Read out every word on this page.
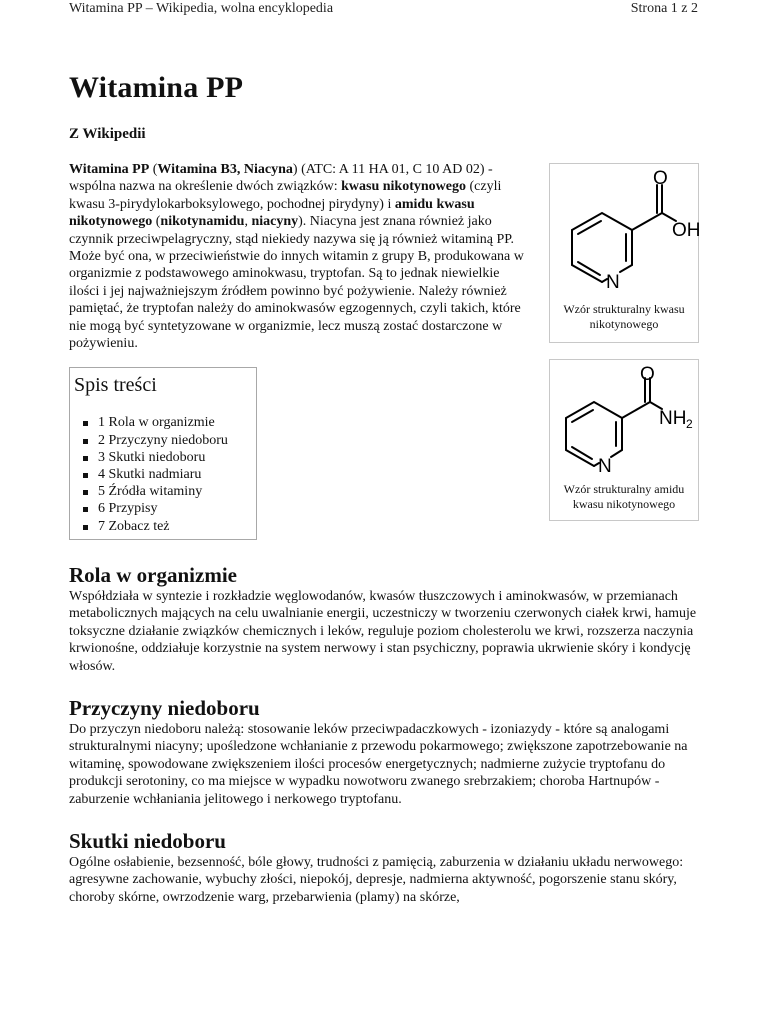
Witamina PP – Wikipedia, wolna encyklopedia	Strona 1 z 2
Witamina PP
Z Wikipedii
Witamina PP (Witamina B3, Niacyna) (ATC: A 11 HA 01, C 10 AD 02) - wspólna nazwa na określenie dwóch związków: kwasu nikotynowego (czyli kwasu 3-pirydylokarboksylowego, pochodnej pirydyny) i amidu kwasu nikotynowego (nikotynamidu, niacyny). Niacyna jest znana również jako czynnik przeciwpelagryczny, stąd niekiedy nazywa się ją również witaminą PP. Może być ona, w przeciwieństwie do innych witamin z grupy B, produkowana w organizmie z podstawowego aminokwasu, tryptofan. Są to jednak niewielkie ilości i jej najważniejszym źródłem powinno być pożywienie. Należy również pamiętać, że tryptofan należy do aminokwasów egzogennych, czyli takich, które nie mogą być syntetyzowane w organizmie, lecz muszą zostać dostarczone w pożywieniu.
O
OH
N
Wzór strukturalny kwasu nikotynowego
O
NH 2
N
Wzór strukturalny amidu kwasu nikotynowego
Spis treści
1 Rola w organizmie
2 Przyczyny niedoboru
3 Skutki niedoboru
4 Skutki nadmiaru
5 Źródła witaminy
6 Przypisy
7 Zobacz też
Rola w organizmie

Współdziała w syntezie i rozkładzie węglowodanów, kwasów tłuszczowych i aminokwasów, w przemianach metabolicznych mających na celu uwalnianie energii, uczestniczy w tworzeniu czerwonych ciałek krwi, hamuje toksyczne działanie związków chemicznych i leków, reguluje poziom cholesterolu we krwi, rozszerza naczynia krwionośne, oddziałuje korzystnie na system nerwowy i stan psychiczny, poprawia ukrwienie skóry i kondycję włosów.

Przyczyny niedoboru

Do przyczyn niedoboru należą: stosowanie leków przeciwpadaczkowych - izoniazydy - które są analogami strukturalnymi niacyny; upośledzone wchłanianie z przewodu pokarmowego; zwiększone zapotrzebowanie na witaminę, spowodowane zwiększeniem ilości procesów energetycznych; nadmierne zużycie tryptofanu do produkcji serotoniny, co ma miejsce w wypadku nowotworu zwanego srebrzakiem; choroba Hartnupów - zaburzenie wchłaniania jelitowego i nerkowego tryptofanu.

Skutki niedoboru

Ogólne osłabienie, bezsenność, bóle głowy, trudności z pamięcią, zaburzenia w działaniu układu nerwowego: agresywne zachowanie, wybuchy złości, niepokój, depresje, nadmierna aktywność, pogorszenie stanu skóry, choroby skórne, owrzodzenie warg, przebarwienia (plamy) na skórze,
